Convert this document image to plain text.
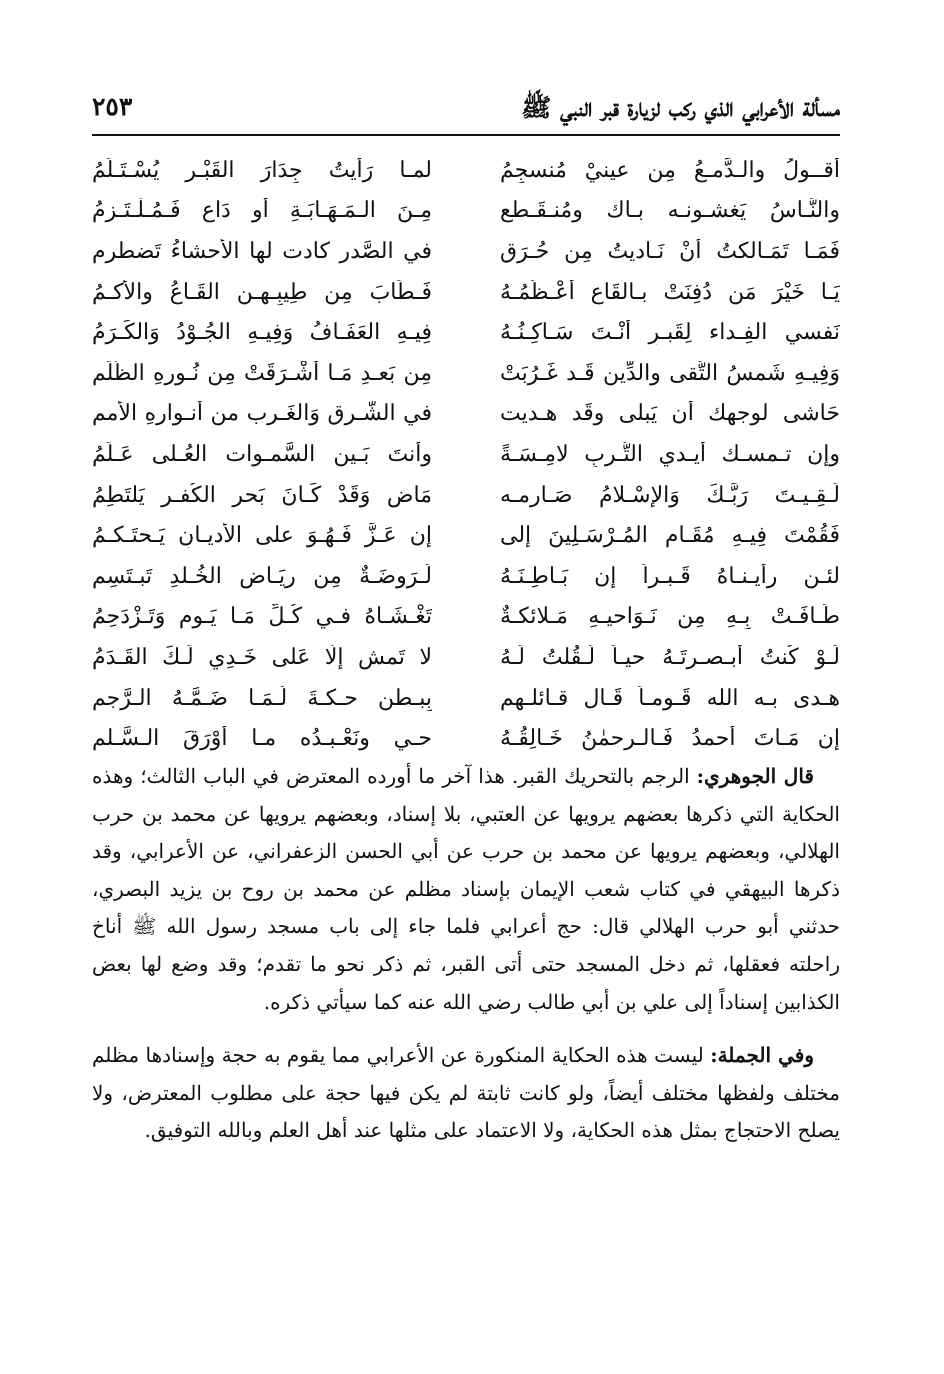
مسألة الأعرابي الذي ركب لزيارة قبر النبي ﷺ
٢٥٣
أقــولُ والـدَّمـعُ مِن عينيْ مُنسجِمُ
لمـا رَأيتُ جِدَارَ القَبْـرِ يُسْـتَـلَمُ
والنَّـاسُ يَغشـونـه بـاك ومُنـقَـطع
مِـنَ الـمَـهَـابَـةِ أو دَاعٍ فَـمُـلْـتَـزِمُ
فَمَـا تَمَـالكتُ أنْ نَـاديتُ مِن حُـرَقٍ
في الصَّدرِ كادت لها الأحشاءُ تَضطرم
يَـا خَيْرَ مَن دُفِنَتْ بـالقَاعِ أعْـظُمُـهُ
فَـطَابَ مِن طِيبِـهِـن القَـاعُ والأكـمُ
نَفسي الفِـداء لِقَبـرٍ أنْـتَ سَـاكِـنُـهُ
فِيـهِ العَفَـافُ وَفِيـهِ الجُـوْدُ وَالكَـرَمُ
وَفِيـهِ شَمسُ التُّقى والدِّين قَـد غَـرُبَتْ
مِن بَعـدِ مَـا أشْـرَقَتْ مِن نُـورِهِ الظُّلَم
حَاشى لوجهك أن يَبلى وقَد هـديت
في الشَّـرقِ وَالغَـرب من أنـوارِهِ الأمم
وإن تـمسـك أيـدي التُّـربِ لامِـسَـةً
وأنتَ بَـين السَّمـوات العُـلى عَـلَمُ
لَـقِـيـتَ رَبَّـكَ وَالإسْـلامُ صَـارِمـه
مَاضٍ وَقَدْ كَـانَ بَحر الكُفـرِ يَلتَطِمُ
فَقُمْتَ فِيـهِ مُقَـام المُـرْسَـلِينَ إلى
إن عَـزَّ فَـهُـوَ على الأديـانِ يَـحتَـكـمُ
لئـن رأيـنـاهُ قَـبـراً إن بَـاطِـنَـهُ
لَـرَوضَـةٌ مِن رِيَـاضِ الخُـلدِ تَبـتَسِم
طَـافَـتْ بِـهِ مِن نَـوَاحيـهِ مَـلائكـةٌ
تَغْـشَـاهُ فـي كُـلِّ مَـا يَـومٍ وَتَـزْدَحِمُ
لَـوْ كُنتُ أبـصـرتَـهُ حيـاً لَـقُلتُ لَـهُ
لا تَمشِ إلَّا عَلى خَـدِي لَـكَ القَـدَمُ
هـدى بـه الله قَـومـاً قَـال قـائلـهم
بِبـطنِ حـكـةَ لَـمَـا ضَـمَّـهُ الـرَّجم
إن مَـاتَ أحمدُ فَـالـرحمٰنُ خَـالِقُـهُ
حـي ونَعْـبـدُه مـا أوْرَقَ الـسَّـلم

قال الجوهري: الرجم بالتحريك القبر. هذا آخر ما أورده المعترض في الباب الثالث؛ وهذه الحكاية التي ذكرها بعضهم يرويها عن العتبي، بلا إسناد، وبعضهم يرويها عن محمد بن حرب الهلالي، وبعضهم يرويها عن محمد بن حرب عن أبي الحسن الزعفراني، عن الأعرابي، وقد ذكرها البيهقي في كتاب شعب الإيمان بإسناد مظلم عن محمد بن روح بن يزيد البصري، حدثني أبو حرب الهلالي قال: حج أعرابي فلما جاء إلى باب مسجد رسول الله ﷺ أناخ راحلته فعقلها، ثم دخل المسجد حتى أتى القبر، ثم ذكر نحو ما تقدم؛ وقد وضع لها بعض الكذابين إسناداً إلى علي بن أبي طالب رضي الله عنه كما سيأتي ذكره.

وفي الجملة: ليست هذه الحكاية المنكورة عن الأعرابي مما يقوم به حجة وإسنادها مظلم مختلف ولفظها مختلف أيضاً، ولو كانت ثابتة لم يكن فيها حجة على مطلوب المعترض، ولا يصلح الاحتجاج بمثل هذه الحكاية، ولا الاعتماد على مثلها عند أهل العلم وبالله التوفيق.
